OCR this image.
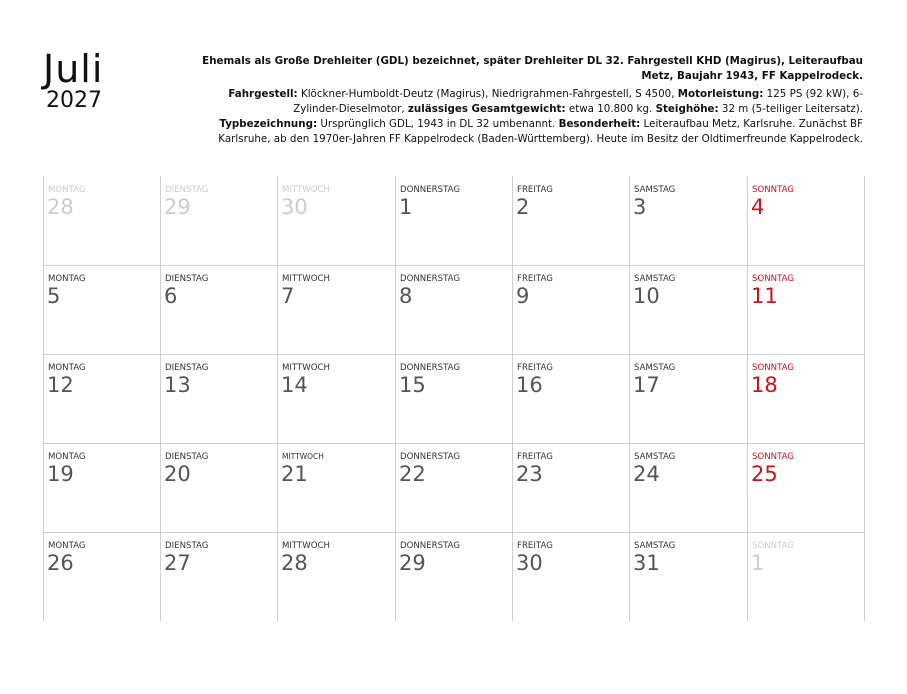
Juli
2027
Ehemals als Große Drehleiter (GDL) bezeichnet, später Drehleiter DL 32. Fahrgestell KHD (Magirus), Leiteraufbau Metz, Baujahr 1943, FF Kappelrodeck.
Fahrgestell: Klöckner-Humboldt-Deutz (Magirus), Niedrigrahmen-Fahrgestell, S 4500, Motorleistung: 125 PS (92 kW), 6-Zylinder-Dieselmotor, zulässiges Gesamtgewicht: etwa 10.800 kg. Steighöhe: 32 m (5-teiliger Leitersatz). Typbezeichnung: Ursprünglich GDL, 1943 in DL 32 umbenannt. Besonderheit: Leiteraufbau Metz, Karlsruhe. Zunächst BF Karlsruhe, ab den 1970er-Jahren FF Kappelrodeck (Baden-Württemberg). Heute im Besitz der Oldtimerfreunde Kappelrodeck.
MONTAG
28
DIENSTAG
29
MITTWOCH
30
DONNERSTAG
1
FREITAG
2
SAMSTAG
3
SONNTAG
4
MONTAG
5
DIENSTAG
6
MITTWOCH
7
DONNERSTAG
8
FREITAG
9
SAMSTAG
10
SONNTAG
11
MONTAG
12
DIENSTAG
13
MITTWOCH
14
DONNERSTAG
15
FREITAG
16
SAMSTAG
17
SONNTAG
18
MONTAG
19
DIENSTAG
20
MITTWOCH
21
DONNERSTAG
22
FREITAG
23
SAMSTAG
24
SONNTAG
25
MONTAG
26
DIENSTAG
27
MITTWOCH
28
DONNERSTAG
29
FREITAG
30
SAMSTAG
31
SONNTAG
1
